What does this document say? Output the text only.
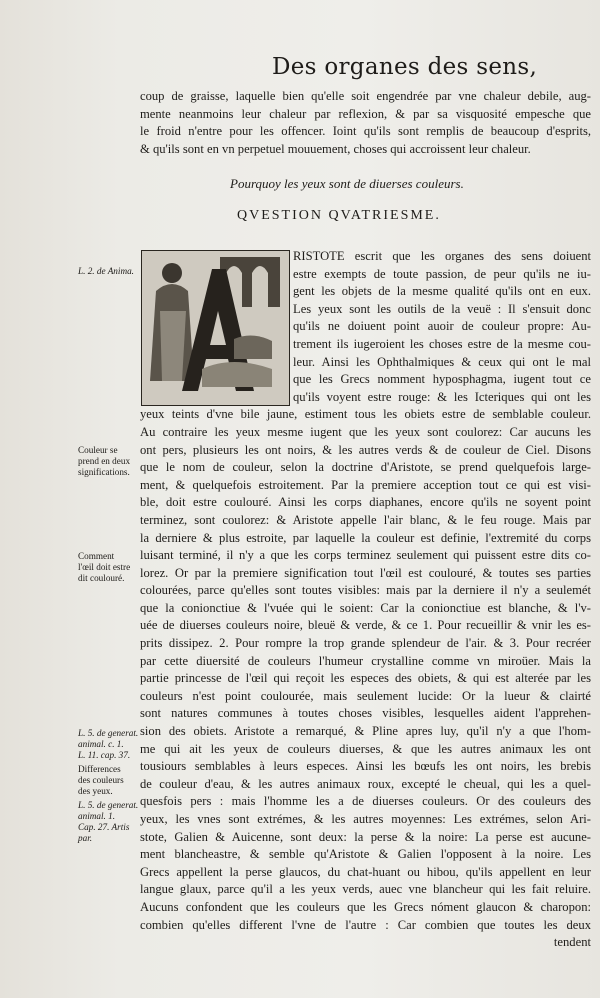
Des organes des sens,
coup de graisse, laquelle bien qu'elle soit engendrée par vne chaleur debile, aug-
mente neanmoins leur chaleur par reflexion, & par sa visquosité empesche que
le froid n'entre pour les offencer. Ioint qu'ils sont remplis de beaucoup d'esprits,
& qu'ils sont en vn perpetuel mouuement, choses qui accroissent leur chaleur.
Pourquoy les yeux sont de diuerses couleurs.
QVESTION QVATRIESME.
RISTOTE escrit que les organes des sens doiuent
estre exempts de toute passion, de peur qu'ils ne iu-
gent les objets de la mesme qualité qu'ils ont en eux.
Les yeux sont les outils de la veuë : Il s'ensuit donc
qu'ils ne doiuent point auoir de couleur propre: Au-
trement ils iugeroient les choses estre de la mesme cou-
leur. Ainsi les Ophthalmiques & ceux qui ont le mal
que les Grecs nomment hyposphagma, iugent tout ce
qu'ils voyent estre rouge: & les Icteriques qui ont les
yeux teints d'vne bile jaune, estiment tous les obiets estre de semblable couleur.
Au contraire les yeux mesme iugent que les yeux sont coulorez: Car aucuns les
ont pers, plusieurs les ont noirs, & les autres verds & de couleur de Ciel. Disons
que le nom de couleur, selon la doctrine d'Aristote, se prend quelquefois large-
ment, & quelquefois estroitement. Par la premiere acception tout ce qui est visi-
ble, doit estre coulouré. Ainsi les corps diaphanes, encore qu'ils ne soyent point
terminez, sont coulorez: & Aristote appelle l'air blanc, & le feu rouge. Mais par
la derniere & plus estroite, par laquelle la couleur est definie, l'extremité du corps
luisant terminé, il n'y a que les corps terminez seulement qui puissent estre dits co-
lorez. Or par la premiere signification tout l'œil est coulouré, & toutes ses parties
colourées, parce qu'elles sont toutes visibles: mais par la derniere il n'y a seulemét
que la conionctiue & l'vuée qui le soient: Car la conionctiue est blanche, & l'v-
uée de diuerses couleurs noire, bleuë & verde, & ce 1. Pour recueillir & vnir les es-
prits dissipez. 2. Pour rompre la trop grande splendeur de l'air. & 3. Pour recréer
par cette diuersité de couleurs l'humeur crystalline comme vn miroüer. Mais la
partie princesse de l'œil qui reçoit les especes des obiets, & qui est alterée par les
couleurs n'est point coulourée, mais seulement lucide: Or la lueur & clairté
sont natures communes à toutes choses visibles, lesquelles aident l'apprehen-
sion des obiets. Aristote a remarqué, & Pline apres luy, qu'il n'y a que l'hom-
me qui ait les yeux de couleurs diuerses, & que les autres animaux les ont
tousiours semblables à leurs especes. Ainsi les bœufs les ont noirs, les brebis
de couleur d'eau, & les autres animaux roux, excepté le cheual, qui les a quel-
quesfois pers : mais l'homme les a de diuerses couleurs. Or des couleurs des
yeux, les vnes sont extrémes, & les autres moyennes: Les extrémes, selon Ari-
stote, Galien & Auicenne, sont deux: la perse & la noire: La perse est aucune-
ment blancheastre, & semble qu'Aristote & Galien l'opposent à la noire. Les
Grecs appellent la perse glaucos, du chat-huant ou hibou, qu'ils appellent en leur
langue glaux, parce qu'il a les yeux verds, auec vne blancheur qui les fait reluire.
Aucuns confondent que les couleurs que les Grecs nóment glaucon & charopon:
combien qu'elles different l'vne de l'autre : Car combien que toutes les deux
tendent
L. 2. de Anima.
Couleur se
prend en deux
significations.
Comment
l'œil doit estre
dit coulouré.
L. 5. de generat.
animal. c. 1.
L. 11. cap. 37.
Differences
des couleurs
des yeux.
L. 5. de generat.
animal. 1.
Cap. 27. Artis
par.
